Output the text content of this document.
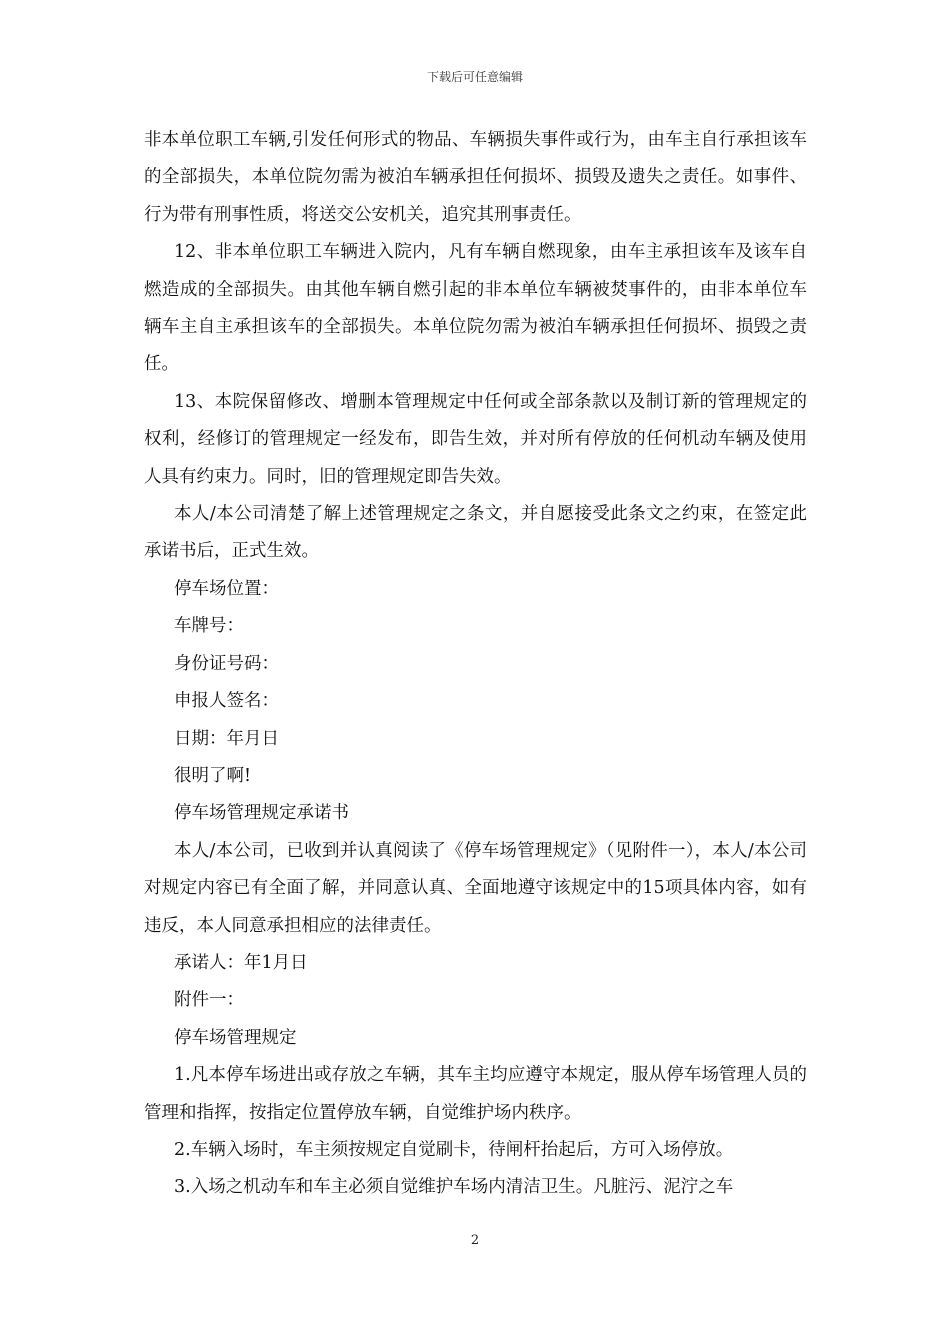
下载后可任意编辑

非本单位职工车辆,引发任何形式的物品、车辆损失事件或行为，由车主自行承担该车的全部损失，本单位院勿需为被泊车辆承担任何损坏、损毁及遗失之责任。如事件、行为带有刑事性质，将送交公安机关，追究其刑事责任。

12、非本单位职工车辆进入院内，凡有车辆自燃现象，由车主承担该车及该车自燃造成的全部损失。由其他车辆自燃引起的非本单位车辆被焚事件的，由非本单位车辆车主自主承担该车的全部损失。本单位院勿需为被泊车辆承担任何损坏、损毁之责任。

13、本院保留修改、增删本管理规定中任何或全部条款以及制订新的管理规定的权利，经修订的管理规定一经发布，即告生效，并对所有停放的任何机动车辆及使用人具有约束力。同时，旧的管理规定即告失效。

本人/本公司清楚了解上述管理规定之条文，并自愿接受此条文之约束，在签定此承诺书后，正式生效。

停车场位置：

车牌号：

身份证号码：

申报人签名：

日期：年月日

很明了啊!

停车场管理规定承诺书

本人/本公司，已收到并认真阅读了《停车场管理规定》（见附件一），本人/本公司对规定内容已有全面了解，并同意认真、全面地遵守该规定中的15项具体内容，如有违反，本人同意承担相应的法律责任。

承诺人：年1月日

附件一：

停车场管理规定

1.凡本停车场进出或存放之车辆，其车主均应遵守本规定，服从停车场管理人员的管理和指挥，按指定位置停放车辆，自觉维护场内秩序。

2.车辆入场时，车主须按规定自觉刷卡，待闸杆抬起后，方可入场停放。

3.入场之机动车和车主必须自觉维护车场内清洁卫生。凡脏污、泥泞之车

2
